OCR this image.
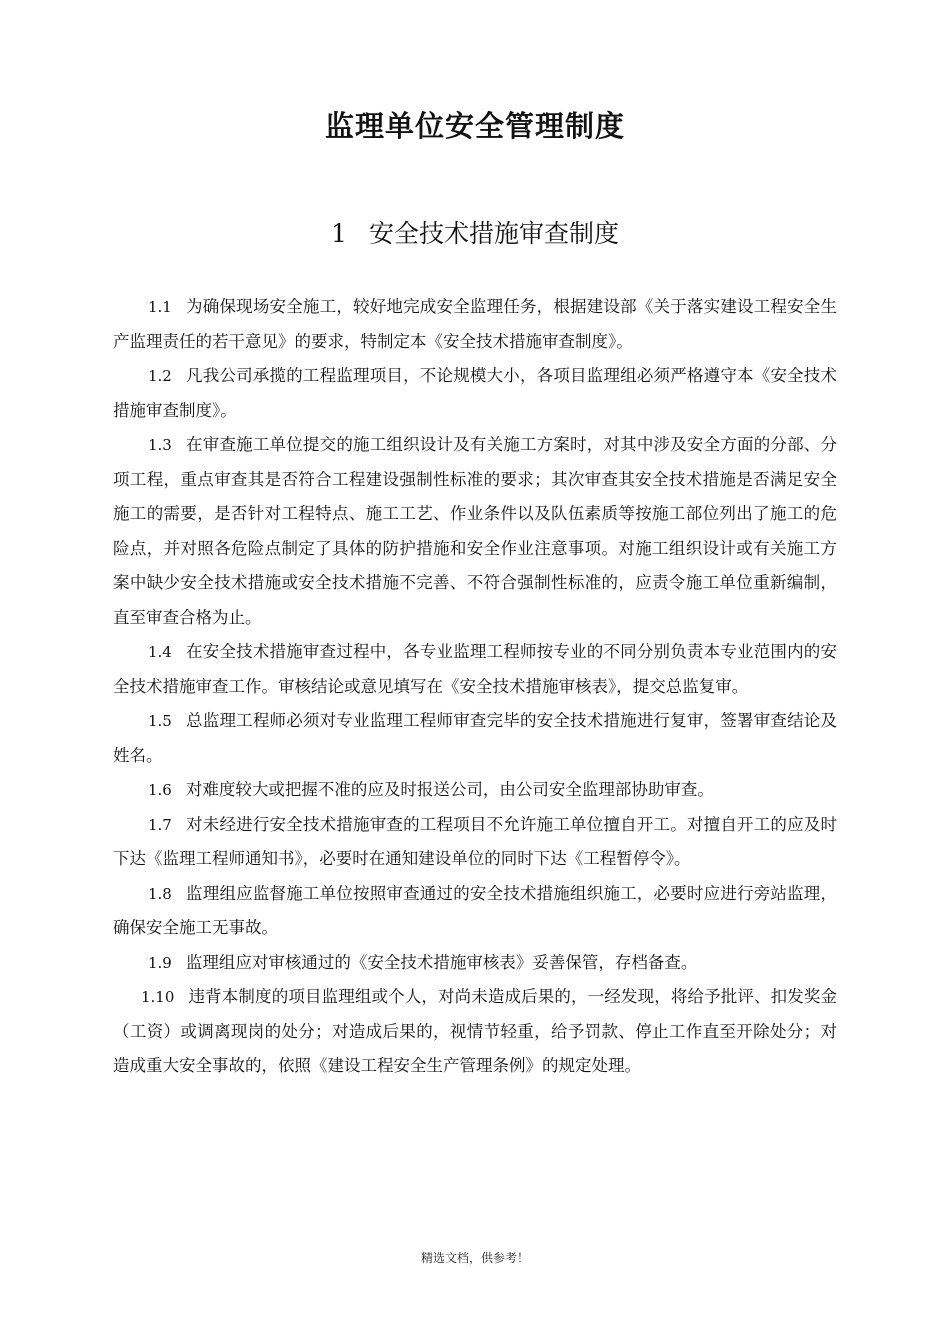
监理单位安全管理制度
1 安全技术措施审查制度

1.1 为确保现场安全施工，较好地完成安全监理任务，根据建设部《关于落实建设工程安全生产监理责任的若干意见》的要求，特制定本《安全技术措施审查制度》。

1.2 凡我公司承揽的工程监理项目，不论规模大小，各项目监理组必须严格遵守本《安全技术措施审查制度》。

1.3 在审查施工单位提交的施工组织设计及有关施工方案时，对其中涉及安全方面的分部、分项工程，重点审查其是否符合工程建设强制性标准的要求；其次审查其安全技术措施是否满足安全施工的需要，是否针对工程特点、施工工艺、作业条件以及队伍素质等按施工部位列出了施工的危险点，并对照各危险点制定了具体的防护措施和安全作业注意事项。对施工组织设计或有关施工方案中缺少安全技术措施或安全技术措施不完善、不符合强制性标准的，应责令施工单位重新编制，直至审查合格为止。

1.4 在安全技术措施审查过程中，各专业监理工程师按专业的不同分别负责本专业范围内的安全技术措施审查工作。审核结论或意见填写在《安全技术措施审核表》，提交总监复审。

1.5 总监理工程师必须对专业监理工程师审查完毕的安全技术措施进行复审，签署审查结论及姓名。

1.6 对难度较大或把握不准的应及时报送公司，由公司安全监理部协助审查。

1.7 对未经进行安全技术措施审查的工程项目不允许施工单位擅自开工。对擅自开工的应及时下达《监理工程师通知书》，必要时在通知建设单位的同时下达《工程暂停令》。

1.8 监理组应监督施工单位按照审查通过的安全技术措施组织施工，必要时应进行旁站监理，确保安全施工无事故。

1.9 监理组应对审核通过的《安全技术措施审核表》妥善保管，存档备查。

1.10 违背本制度的项目监理组或个人，对尚未造成后果的，一经发现，将给予批评、扣发奖金（工资）或调离现岗的处分；对造成后果的，视情节轻重，给予罚款、停止工作直至开除处分；对造成重大安全事故的，依照《建设工程安全生产管理条例》的规定处理。

精选文档，供参考！
